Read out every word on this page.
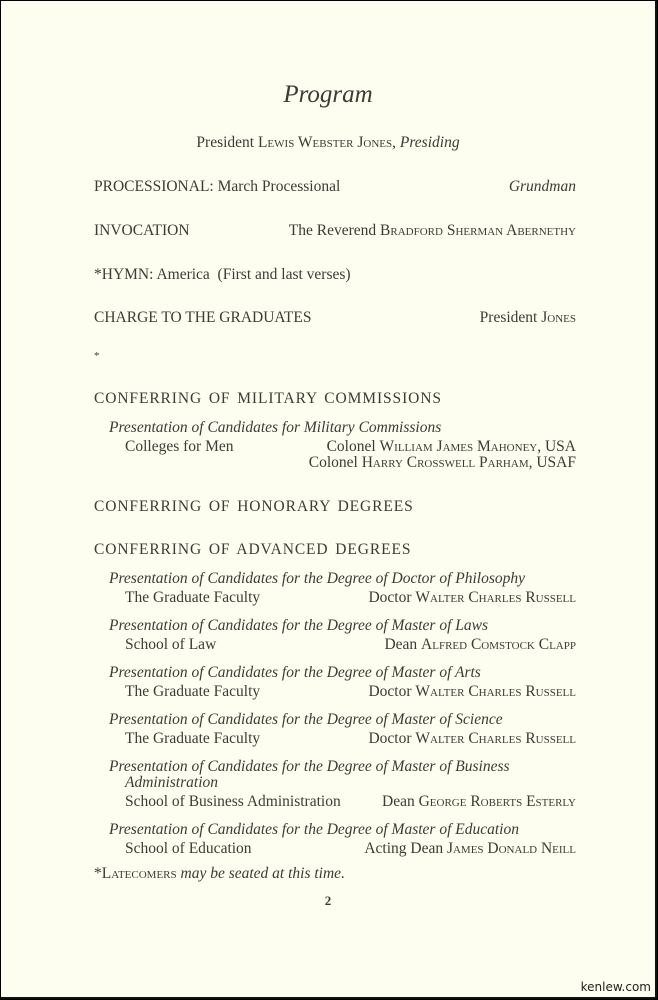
Program
President Lewis Webster Jones, Presiding
PROCESSIONAL: March Processional	Grundman
INVOCATION	The Reverend Bradford Sherman Abernethy
*HYMN: America  (First and last verses)
CHARGE TO THE GRADUATES	President Jones
*
CONFERRING OF MILITARY COMMISSIONS
Presentation of Candidates for Military Commissions
Colleges for Men	Colonel William James Mahoney, USA
Colonel Harry Crosswell Parham, USAF
CONFERRING OF HONORARY DEGREES
CONFERRING OF ADVANCED DEGREES
Presentation of Candidates for the Degree of Doctor of Philosophy
The Graduate Faculty	Doctor Walter Charles Russell
Presentation of Candidates for the Degree of Master of Laws
School of Law	Dean Alfred Comstock Clapp
Presentation of Candidates for the Degree of Master of Arts
The Graduate Faculty	Doctor Walter Charles Russell
Presentation of Candidates for the Degree of Master of Science
The Graduate Faculty	Doctor Walter Charles Russell
Presentation of Candidates for the Degree of Master of Business
Administration
School of Business Administration	Dean George Roberts Esterly
Presentation of Candidates for the Degree of Master of Education
School of Education	Acting Dean James Donald Neill
*Latecomers may be seated at this time.
2
kenlew.com
